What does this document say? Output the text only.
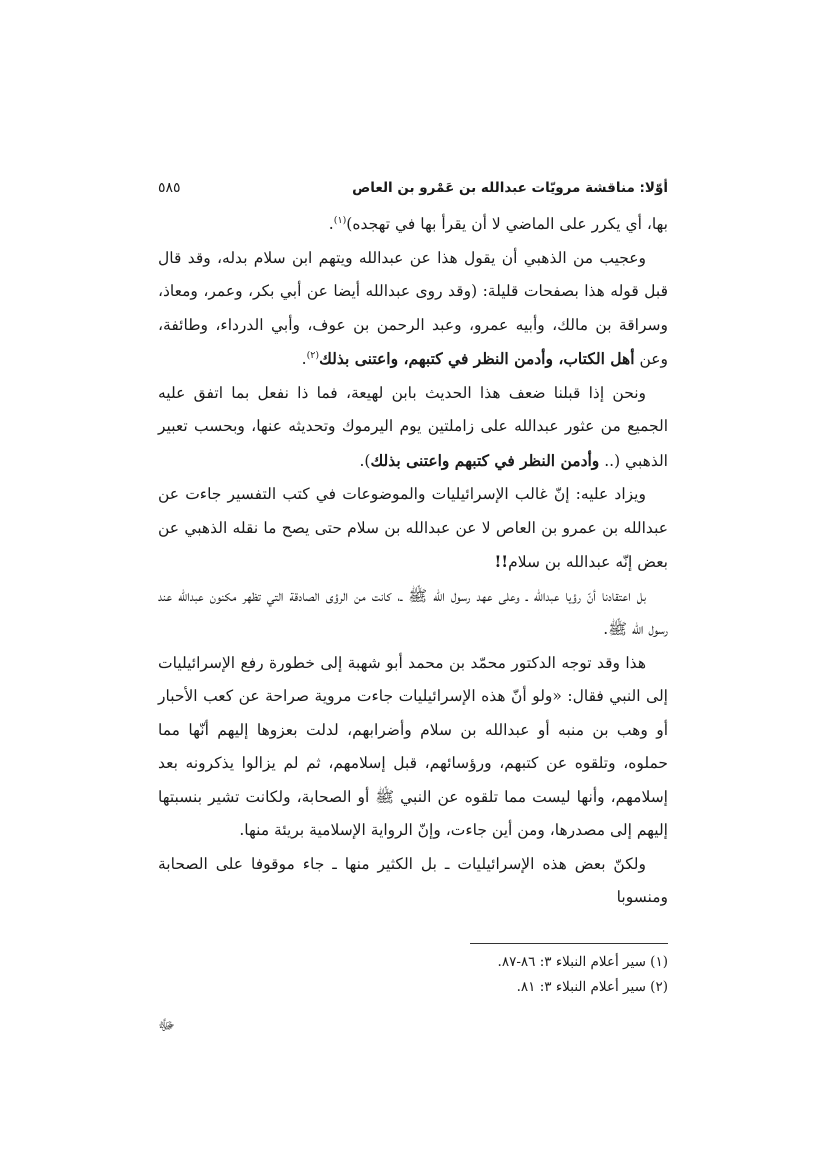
أوّلا: مناقشة مرويّات عبدالله بن عَمْرو بن العاص
٥٨٥

بها، أي يكرر على الماضي لا أن يقرأ بها في تهجده)$^{(١)}$.

وعجيب من الذهبي أن يقول هذا عن عبدالله ويتهم ابن سلام بدله، وقد قال قبل قوله هذا بصفحات قليلة: (وقد روى عبدالله أيضا عن أبي بكر، وعمر، ومعاذ، وسراقة بن مالك، وأبيه عمرو، وعبد الرحمن بن عوف، وأبي الدرداء، وطائفة، وعن أهل الكتاب، وأدمن النظر في كتبهم، واعتنى بذلك$^{(٢)}$.

ونحن إذا قبلنا ضعف هذا الحديث بابن لهيعة، فما ذا نفعل بما اتفق عليه الجميع من عثور عبدالله على زاملتين يوم اليرموك وتحديثه عنها، وبحسب تعبير الذهبي (.. وأدمن النظر في كتبهم واعتنى بذلك).

ويزاد عليه: إنّ غالب الإسرائيليات والموضوعات في كتب التفسير جاءت عن عبدالله بن عمرو بن العاص لا عن عبدالله بن سلام حتى يصح ما نقله الذهبي عن بعض إنّه عبدالله بن سلام!!

بل اعتقادنا أنّ رؤيا عبدالله ـ وعلى عهد رسول الله ﷺ ـ، كانت من الرؤى الصادقة التي تظهر مكنون عبدالله عند رسول الله ﷺ.

هذا وقد توجه الدكتور محمّد بن محمد أبو شهبة إلى خطورة رفع الإسرائيليات إلى النبي فقال: «ولو أنّ هذه الإسرائيليات جاءت مروية صراحة عن كعب الأحبار أو وهب بن منبه أو عبدالله بن سلام وأضرابهم، لدلت بعزوها إليهم أنّها مما حملوه، وتلقوه عن كتبهم، ورؤسائهم، قبل إسلامهم، ثم لم يزالوا يذكرونه بعد إسلامهم، وأنها ليست مما تلقوه عن النبي ﷺ أو الصحابة، ولكانت تشير بنسبتها إليهم إلى مصدرها، ومن أين جاءت، وإنّ الرواية الإسلامية بريئة منها.

ولكنّ بعض هذه الإسرائيليات ـ بل الكثير منها ـ جاء موقوفا على الصحابة ومنسوبا

(١) سير أعلام النبلاء ٣: ٨٦-٨٧.

(٢) سير أعلام النبلاء ٣: ٨١.

ﷻ
